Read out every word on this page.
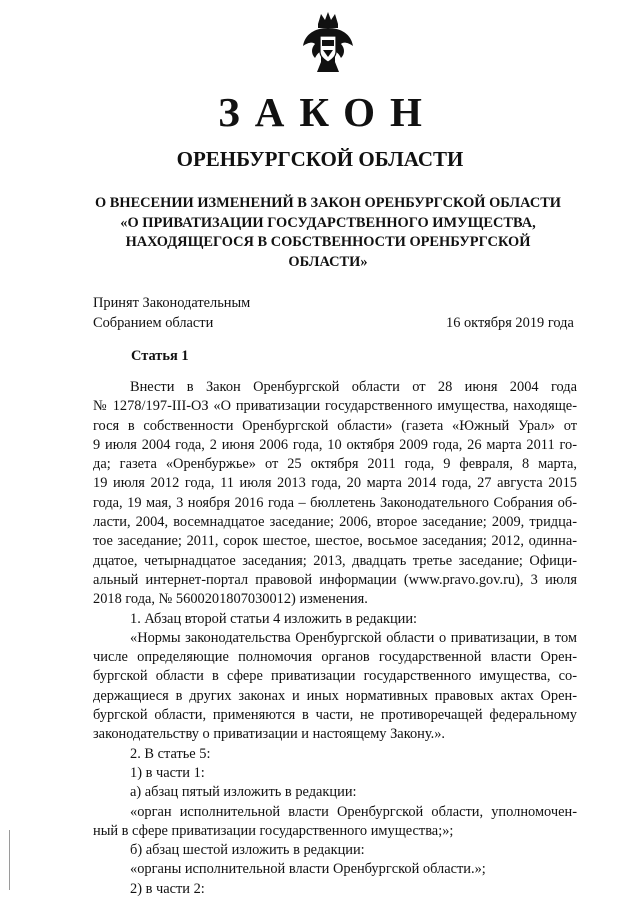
ЗАКОН
ОРЕНБУРГСКОЙ ОБЛАСТИ
О ВНЕСЕНИИ ИЗМЕНЕНИЙ В ЗАКОН ОРЕНБУРГСКОЙ ОБЛАСТИ
«О ПРИВАТИЗАЦИИ ГОСУДАРСТВЕННОГО ИМУЩЕСТВА,
НАХОДЯЩЕГОСЯ В СОБСТВЕННОСТИ ОРЕНБУРГСКОЙ
ОБЛАСТИ»
Принят Законодательным
Собранием области	16 октября 2019 года
Статья 1
Внести в Закон Оренбургской области от 28 июня 2004 года
№ 1278/197-III-ОЗ «О приватизации государственного имущества, находяще-
гося в собственности Оренбургской области» (газета «Южный Урал» от
9 июля 2004 года, 2 июня 2006 года, 10 октября 2009 года, 26 марта 2011 го-
да; газета «Оренбуржье» от 25 октября 2011 года, 9 февраля, 8 марта,
19 июля 2012 года, 11 июля 2013 года, 20 марта 2014 года, 27 августа 2015
года, 19 мая, 3 ноября 2016 года – бюллетень Законодательного Собрания об-
ласти, 2004, восемнадцатое заседание; 2006, второе заседание; 2009, тридца-
тое заседание; 2011, сорок шестое, шестое, восьмое заседания; 2012, одинна-
дцатое, четырнадцатое заседания; 2013, двадцать третье заседание; Офици-
альный интернет-портал правовой информации (www.pravo.gov.ru), 3 июля
2018 года, № 5600201807030012) изменения.
1. Абзац второй статьи 4 изложить в редакции:
«Нормы законодательства Оренбургской области о приватизации, в том
числе определяющие полномочия органов государственной власти Орен-
бургской области в сфере приватизации государственного имущества, со-
держащиеся в других законах и иных нормативных правовых актах Орен-
бургской области, применяются в части, не противоречащей федеральному
законодательству о приватизации и настоящему Закону.».
2. В статье 5:
1) в части 1:
а) абзац пятый изложить в редакции:
«орган исполнительной власти Оренбургской области, уполномочен-
ный в сфере приватизации государственного имущества;»;
б) абзац шестой изложить в редакции:
«органы исполнительной власти Оренбургской области.»;
2) в части 2:
